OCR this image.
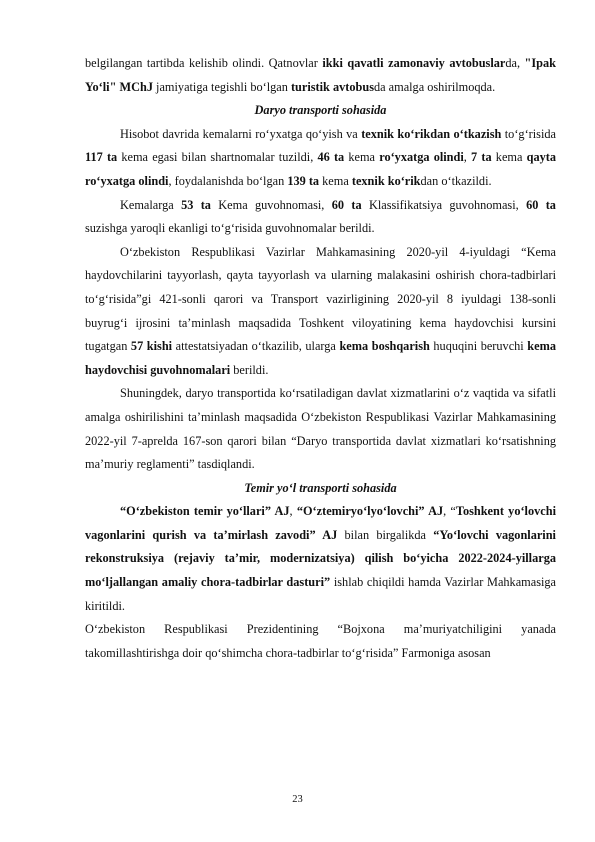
belgilangan tartibda kelishib olindi. Qatnovlar ikki qavatli zamonaviy avtobuslarda, "Ipak Yo‘li" MChJ jamiyatiga tegishli bo‘lgan turistik avtobusda amalga oshirilmoqda.

Daryo transporti sohasida

Hisobot davrida kemalarni ro‘yxatga qo‘yish va texnik ko‘rikdan o‘tkazish to‘g‘risida 117 ta kema egasi bilan shartnomalar tuzildi, 46 ta kema ro‘yxatga olindi, 7 ta kema qayta ro‘yxatga olindi, foydalanishda bo‘lgan 139 ta kema texnik ko‘rikdan o‘tkazildi.

Kemalarga 53 ta Kema guvohnomasi, 60 ta Klassifikatsiya guvohnomasi, 60 ta suzishga yaroqli ekanligi to‘g‘risida guvohnomalar berildi.

O‘zbekiston Respublikasi Vazirlar Mahkamasining 2020-yil 4-iyuldagi “Kema haydovchilarini tayyorlash, qayta tayyorlash va ularning malakasini oshirish chora-tadbirlari to‘g‘risida”gi 421-sonli qarori va Transport vazirligining 2020-yil 8 iyuldagi 138-sonli buyrug‘i ijrosini ta’minlash maqsadida Toshkent viloyatining kema haydovchisi kursini tugatgan 57 kishi attestatsiyadan o‘tkazilib, ularga kema boshqarish huquqini beruvchi kema haydovchisi guvohnomalari berildi.

Shuningdek, daryo transportida ko‘rsatiladigan davlat xizmatlarini o‘z vaqtida va sifatli amalga oshirilishini ta’minlash maqsadida O‘zbekiston Respublikasi Vazirlar Mahkamasining 2022-yil 7-aprelda 167-son qarori bilan “Daryo transportida davlat xizmatlari ko‘rsatishning ma’muriy reglamenti” tasdiqlandi.

Temir yo‘l transporti sohasida

“O‘zbekiston temir yo‘llari” AJ, “O‘ztemiryo‘lyo‘lovchi” AJ, “Toshkent yo‘lovchi vagonlarini qurish va ta’mirlash zavodi” AJ bilan birgalikda “Yo‘lovchi vagonlarini rekonstruksiya (rejaviy ta’mir, modernizatsiya) qilish bo‘yicha 2022-2024-yillarga mo‘ljallangan amaliy chora-tadbirlar dasturi” ishlab chiqildi hamda Vazirlar Mahkamasiga kiritildi.

O‘zbekiston Respublikasi Prezidentining “Bojxona ma’muriyatchiligini yanada takomillashtirishga doir qo‘shimcha chora-tadbirlar to‘g‘risida” Farmoniga asosan

23
